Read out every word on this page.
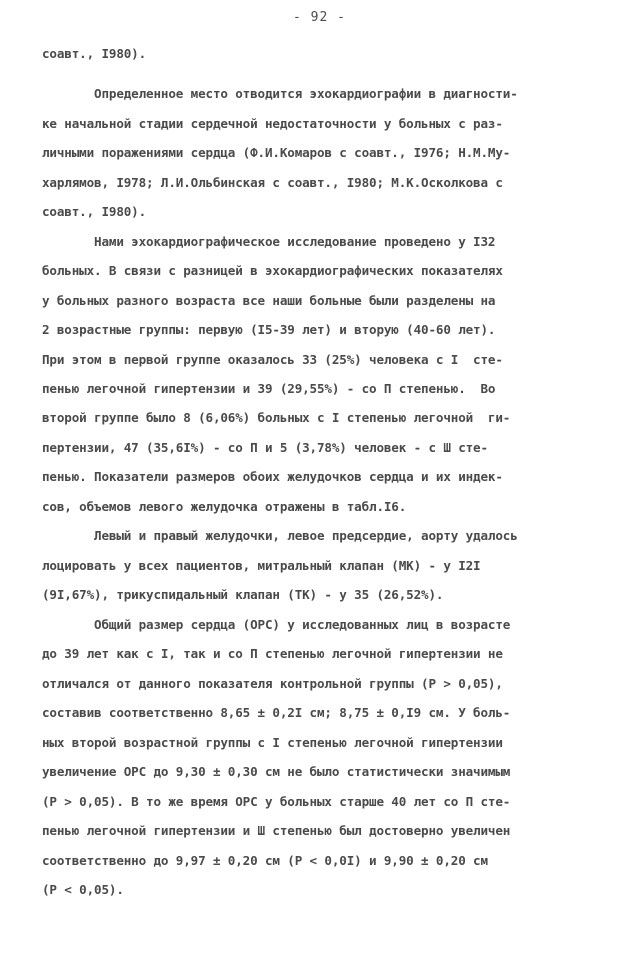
- 92 -
соавт., I980).
Определенное место отводится эхокардиографии в диагности-
ке начальной стадии сердечной недостаточности у больных с раз-
личными поражениями сердца (Ф.И.Комаров с соавт., I976; Н.М.Му-
харлямов, I978; Л.И.Ольбинская с соавт., I980; М.К.Осколкова с
соавт., I980).
Нами эхокардиографическое исследование проведено у I32
больных. В связи с разницей в эхокардиографических показателях
у больных разного возраста все наши больные были разделены на
2 возрастные группы: первую (I5-39 лет) и вторую (40-60 лет).
При этом в первой группе оказалось 33 (25%) человека с I  сте-
пенью легочной гипертензии и 39 (29,55%) - со П степенью.  Во
второй группе было 8 (6,06%) больных с I степенью легочной  ги-
пертензии, 47 (35,6I%) - со П и 5 (3,78%) человек - с Ш сте-
пенью. Показатели размеров обоих желудочков сердца и их индек-
сов, объемов левого желудочка отражены в табл.I6.
Левый и правый желудочки, левое предсердие, аорту удалось
лоцировать у всех пациентов, митральный клапан (МК) - у I2I
(9I,67%), трикуспидальный клапан (ТК) - у 35 (26,52%).
Общий размер сердца (ОРС) у исследованных лиц в возрасте
до 39 лет как с I, так и со П степенью легочной гипертензии не
отличался от данного показателя контрольной группы (Р > 0,05),
составив соответственно 8,65 ± 0,2I см; 8,75 ± 0,I9 см. У боль-
ных второй возрастной группы с I степенью легочной гипертензии
увеличение ОРС до 9,30 ± 0,30 см не было статистически значимым
(Р > 0,05). В то же время ОРС у больных старше 40 лет со П сте-
пенью легочной гипертензии и Ш степенью был достоверно увеличен
соответственно до 9,97 ± 0,20 см (Р < 0,0I) и 9,90 ± 0,20 см
(Р < 0,05).
